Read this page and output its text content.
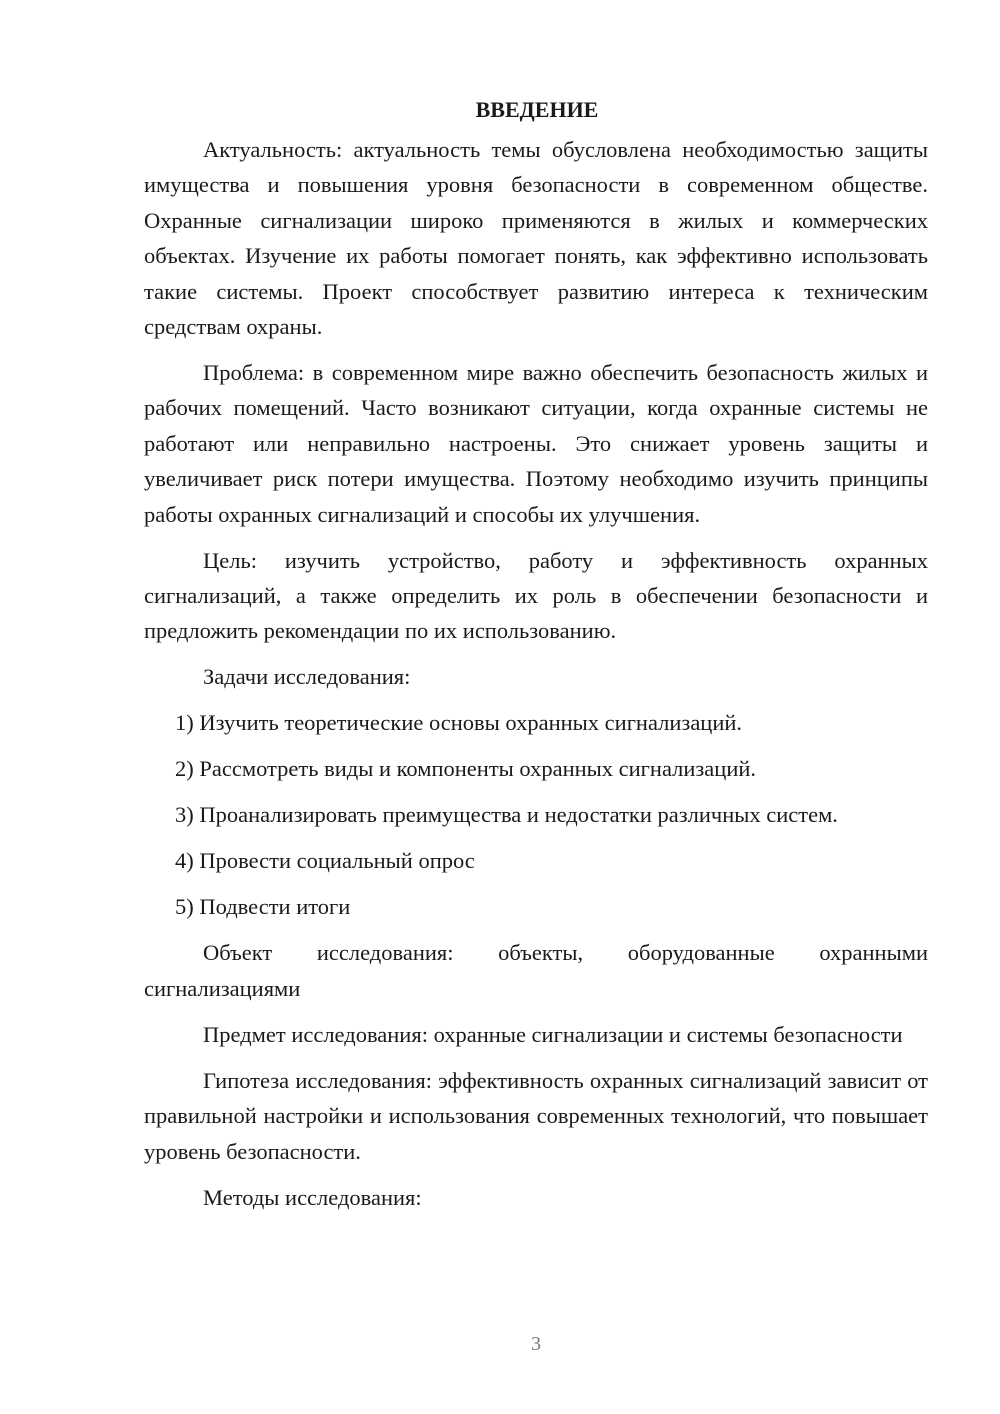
ВВЕДЕНИЕ

Актуальность: актуальность темы обусловлена необходимостью защиты имущества и повышения уровня безопасности в современном обществе. Охранные сигнализации широко применяются в жилых и коммерческих объектах. Изучение их работы помогает понять, как эффективно использовать такие системы. Проект способствует развитию интереса к техническим средствам охраны.

Проблема: в современном мире важно обеспечить безопасность жилых и рабочих помещений. Часто возникают ситуации, когда охранные системы не работают или неправильно настроены. Это снижает уровень защиты и увеличивает риск потери имущества. Поэтому необходимо изучить принципы работы охранных сигнализаций и способы их улучшения.

Цель: изучить устройство, работу и эффективность охранных сигнализаций, а также определить их роль в обеспечении безопасности и предложить рекомендации по их использованию.

Задачи исследования:

1) Изучить теоретические основы охранных сигнализаций.

2) Рассмотреть виды и компоненты охранных сигнализаций.

3) Проанализировать преимущества и недостатки различных систем.

4) Провести социальный опрос

5) Подвести итоги

Объект исследования: объекты, оборудованные охранными сигнализациями

Предмет исследования: охранные сигнализации и системы безопасности

Гипотеза исследования: эффективность охранных сигнализаций зависит от правильной настройки и использования современных технологий, что повышает уровень безопасности.

Методы исследования:

3
